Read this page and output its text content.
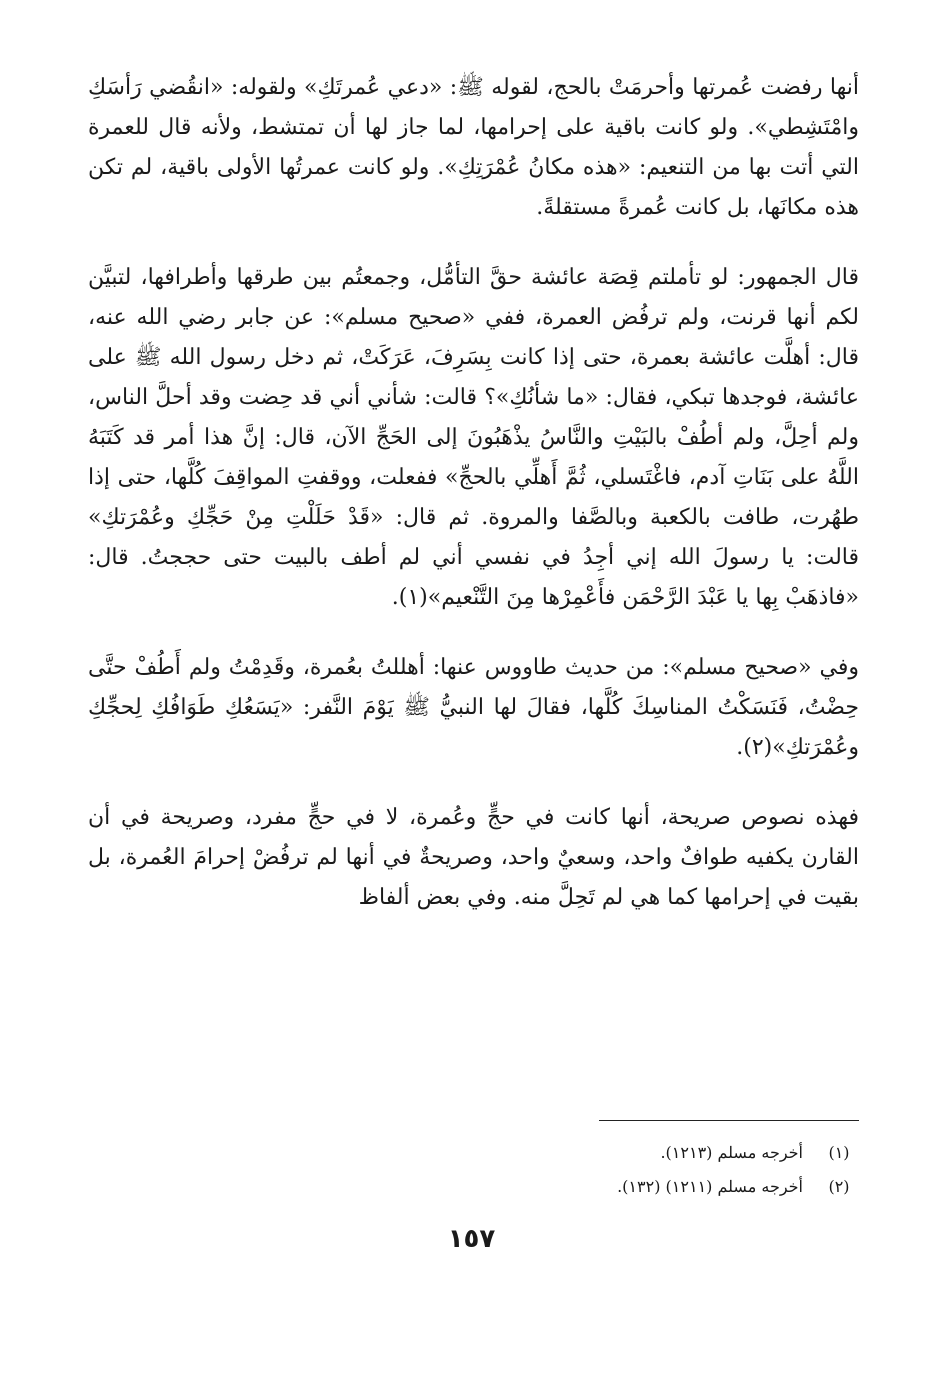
أنها رفضت عُمرتها وأحرمَتْ بالحج، لقوله ﷺ: «دعي عُمرتَكِ» ولقوله: «انقُضي رَأسَكِ وامْتَشِطي». ولو كانت باقية على إحرامها، لما جاز لها أن تمتشط، ولأنه قال للعمرة التي أتت بها من التنعيم: «هذه مكانُ عُمْرَتِكِ». ولو كانت عمرتُها الأولى باقية، لم تكن هذه مكانَها، بل كانت عُمرةً مستقلةً.

قال الجمهور: لو تأملتم قِصَة عائشة حقَّ التأمُّل، وجمعتُم بين طرقها وأطرافها، لتبيَّن لكم أنها قرنت، ولم ترفُض العمرة، ففي «صحيح مسلم»: عن جابر رضي الله عنه، قال: أهلَّت عائشة بعمرة، حتى إذا كانت بِسَرِفَ، عَرَكَتْ، ثم دخل رسول الله ﷺ على عائشة، فوجدها تبكي، فقال: «ما شأنُكِ»؟ قالت: شأني أني قد حِضت وقد أحلَّ الناس، ولم أحِلَّ، ولم أطُفْ بالبَيْتِ والنَّاسُ يذْهَبُونَ إلى الحَجِّ الآن، قال: إنَّ هذا أمر قد كَتَبَهُ اللَّهُ على بَنَاتِ آدم، فاغْتَسلي، ثُمَّ أَهلِّي بالحجِّ» ففعلت، ووقفتِ المواقِفَ كُلَّها، حتى إذا طهُرت، طافت بالكعبة وبالصَّفا والمروة. ثم قال: «قَدْ حَلَلْتِ مِنْ حَجِّكِ وعُمْرَتكِ» قالت: يا رسولَ الله إني أجِدُ في نفسي أني لم أطف بالبيت حتى حججتُ. قال: «فاذهَبْ بِها يا عَبْدَ الرَّحْمَن فأَعْمِرْها مِنَ التَّنْعيم»(١).

وفي «صحيح مسلم»: من حديث طاووس عنها: أهللتُ بعُمرة، وقَدِمْتُ ولم أَطُفْ حتَّى حِضْتُ، فَنَسَكْتُ المناسِكَ كُلَّها، فقالَ لها النبيُّ ﷺ يَوْمَ النَّفر: «يَسَعُكِ طَوَافُكِ لِحجِّكِ وعُمْرَتكِ»(٢).

فهذه نصوص صريحة، أنها كانت في حجٍّ وعُمرة، لا في حجٍّ مفرد، وصريحة في أن القارن يكفيه طوافٌ واحد، وسعيٌ واحد، وصريحةٌ في أنها لم ترفُضْ إحرامَ العُمرة، بل بقيت في إحرامها كما هي لم تَحِلَّ منه. وفي بعض ألفاظ

(١)
أخرجه مسلم (١٢١٣).
(٢)
أخرجه مسلم (١٢١١) (١٣٢).
١٥٧
